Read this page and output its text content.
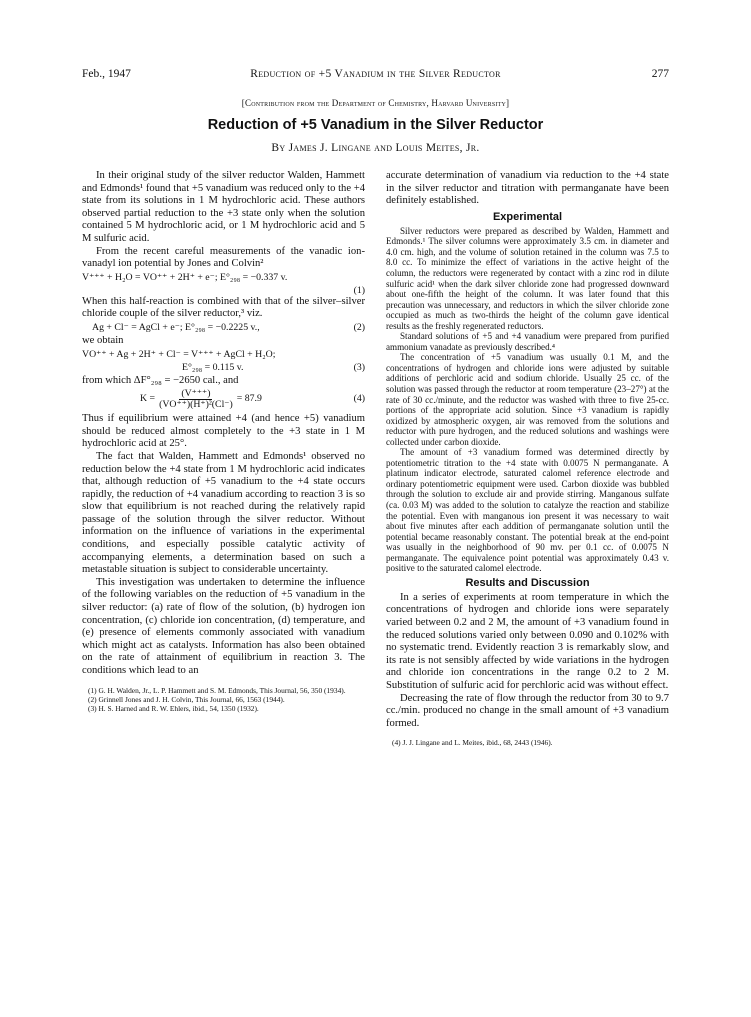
Feb., 1947	Reduction of +5 Vanadium in the Silver Reductor	277
[Contribution from the Department of Chemistry, Harvard University]
Reduction of +5 Vanadium in the Silver Reductor
By James J. Lingane and Louis Meites, Jr.

In their original study of the silver reductor Walden, Hammett and Edmonds¹ found that +5 vanadium was reduced only to the +4 state from its solutions in 1 M hydrochloric acid. These authors observed partial reduction to the +3 state only when the solution contained 5 M hydrochloric acid, or 1 M hydrochloric acid and 5 M sulfuric acid.

From the recent careful measurements of the vanadic ion-vanadyl ion potential by Jones and Colvin²

V⁺⁺⁺ + H₂O = VO⁺⁺ + 2H⁺ + e⁻; E°₂₉₈ = −0.337 v.
(1)

When this half-reaction is combined with that of the silver–silver chloride couple of the silver reductor,³ viz.

Ag + Cl⁻ = AgCl + e⁻; E°₂₉₈ = −0.2225 v.,	(2)

we obtain

VO⁺⁺ + Ag + 2H⁺ + Cl⁻ = V⁺⁺⁺ + AgCl + H₂O;
E°₂₉₈ = 0.115 v.	(3)

from which ΔF°₂₉₈ = −2650 cal., and

$K = \frac{(V^{+++})}{\text{(VO⁺⁺)(H⁺)²(Cl⁻)}} = 87.9$	(4)

Thus if equilibrium were attained +4 (and hence +5) vanadium should be reduced almost completely to the +3 state in 1 M hydrochloric acid at 25°.

The fact that Walden, Hammett and Edmonds¹ observed no reduction below the +4 state from 1 M hydrochloric acid indicates that, although reduction of +5 vanadium to the +4 state occurs rapidly, the reduction of +4 vanadium according to reaction 3 is so slow that equilibrium is not reached during the relatively rapid passage of the solution through the silver reductor. Without information on the influence of variations in the experimental conditions, and especially possible catalytic activity of accompanying elements, a determination based on such a metastable situation is subject to considerable uncertainty.

This investigation was undertaken to determine the influence of the following variables on the reduction of +5 vanadium in the silver reductor: (a) rate of flow of the solution, (b) hydrogen ion concentration, (c) chloride ion concentration, (d) temperature, and (e) presence of elements commonly associated with vanadium which might act as catalysts. Information has also been obtained on the rate of attainment of equilibrium in reaction 3. The conditions which lead to an

(1) G. H. Walden, Jr., L. P. Hammett and S. M. Edmonds, This Journal, 56, 350 (1934).
(2) Grinnell Jones and J. H. Colvin, This Journal, 66, 1563 (1944).
(3) H. S. Harned and R. W. Ehlers, ibid., 54, 1350 (1932).

accurate determination of vanadium via reduction to the +4 state in the silver reductor and titration with permanganate have been definitely established.

Experimental

Silver reductors were prepared as described by Walden, Hammett and Edmonds.¹ The silver columns were approximately 3.5 cm. in diameter and 4.0 cm. high, and the volume of solution retained in the column was 7.5 to 8.0 cc. To minimize the effect of variations in the active height of the column, the reductors were regenerated by contact with a zinc rod in dilute sulfuric acid¹ when the dark silver chloride zone had progressed downward about one-fifth the height of the column. It was later found that this precaution was unnecessary, and reductors in which the silver chloride zone occupied as much as two-thirds the height of the column gave identical results as the freshly regenerated reductors.

Standard solutions of +5 and +4 vanadium were prepared from purified ammonium vanadate as previously described.⁴

The concentration of +5 vanadium was usually 0.1 M, and the concentrations of hydrogen and chloride ions were adjusted by suitable additions of perchloric acid and sodium chloride. Usually 25 cc. of the solution was passed through the reductor at room temperature (23–27°) at the rate of 30 cc./minute, and the reductor was washed with three to five 25-cc. portions of the appropriate acid solution. Since +3 vanadium is rapidly oxidized by atmospheric oxygen, air was removed from the solutions and reductor with pure hydrogen, and the reduced solutions and washings were collected under carbon dioxide.

The amount of +3 vanadium formed was determined directly by potentiometric titration to the +4 state with 0.0075 N permanganate. A platinum indicator electrode, saturated calomel reference electrode and ordinary potentiometric equipment were used. Carbon dioxide was bubbled through the solution to exclude air and provide stirring. Manganous sulfate (ca. 0.03 M) was added to the solution to catalyze the reaction and stabilize the potential. Even with manganous ion present it was necessary to wait about five minutes after each addition of permanganate solution until the potential became reasonably constant. The potential break at the end-point was usually in the neighborhood of 90 mv. per 0.1 cc. of 0.0075 N permanganate. The equivalence point potential was approximately 0.43 v. positive to the saturated calomel electrode.

Results and Discussion

In a series of experiments at room temperature in which the concentrations of hydrogen and chloride ions were separately varied between 0.2 and 2 M, the amount of +3 vanadium found in the reduced solutions varied only between 0.090 and 0.102% with no systematic trend. Evidently reaction 3 is remarkably slow, and its rate is not sensibly affected by wide variations in the hydrogen and chloride ion concentrations in the range 0.2 to 2 M. Substitution of sulfuric acid for perchloric acid was without effect.

Decreasing the rate of flow through the reductor from 30 to 9.7 cc./min. produced no change in the small amount of +3 vanadium formed.

(4) J. J. Lingane and L. Meites, ibid., 68, 2443 (1946).
